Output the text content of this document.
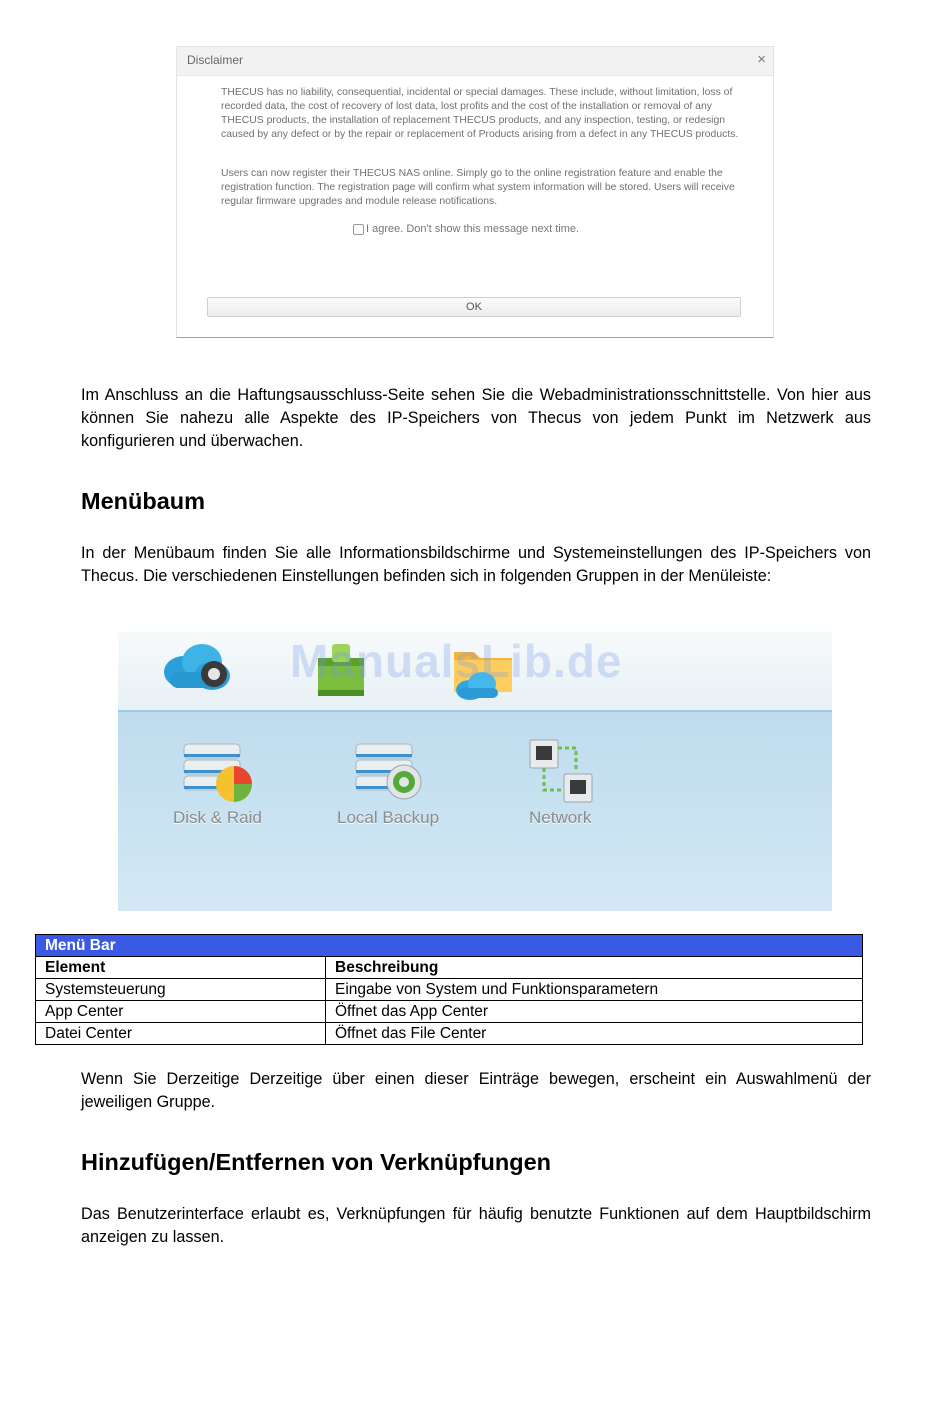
Disclaimer	×
THECUS has no liability, consequential, incidental or special damages. These include, without limitation, loss of recorded data, the cost of recovery of lost data, lost profits and the cost of the installation or removal of any THECUS products, the installation of replacement THECUS products, and any inspection, testing, or redesign caused by any defect or by the repair or replacement of Products arising from a defect in any THECUS products.
Users can now register their THECUS NAS online. Simply go to the online registration feature and enable the registration function. The registration page will confirm what system information will be stored. Users will receive regular firmware upgrades and module release notifications.
I agree. Don't show this message next time.
OK

Im Anschluss an die Haftungsausschluss-Seite sehen Sie die Webadministrationsschnittstelle. Von hier aus können Sie nahezu alle Aspekte des IP-Speichers von Thecus von jedem Punkt im Netzwerk aus konfigurieren und überwachen.

Menübaum

In der Menübaum finden Sie alle Informationsbildschirme und Systemeinstellungen des IP-Speichers von Thecus. Die verschiedenen Einstellungen befinden sich in folgenden Gruppen in der Menüleiste:

ManualsLib.de
Disk & Raid	Local Backup	Network
Menü Bar	
Element	Beschreibung
Systemsteuerung	Eingabe von System und Funktionsparametern
App Center	Öffnet das App Center
Datei Center	Öffnet das File Center

Wenn Sie Derzeitige Derzeitige über einen dieser Einträge bewegen, erscheint ein Auswahlmenü der jeweiligen Gruppe.

Hinzufügen/Entfernen von Verknüpfungen

Das Benutzerinterface erlaubt es, Verknüpfungen für häufig benutzte Funktionen auf dem Hauptbildschirm anzeigen zu lassen.
